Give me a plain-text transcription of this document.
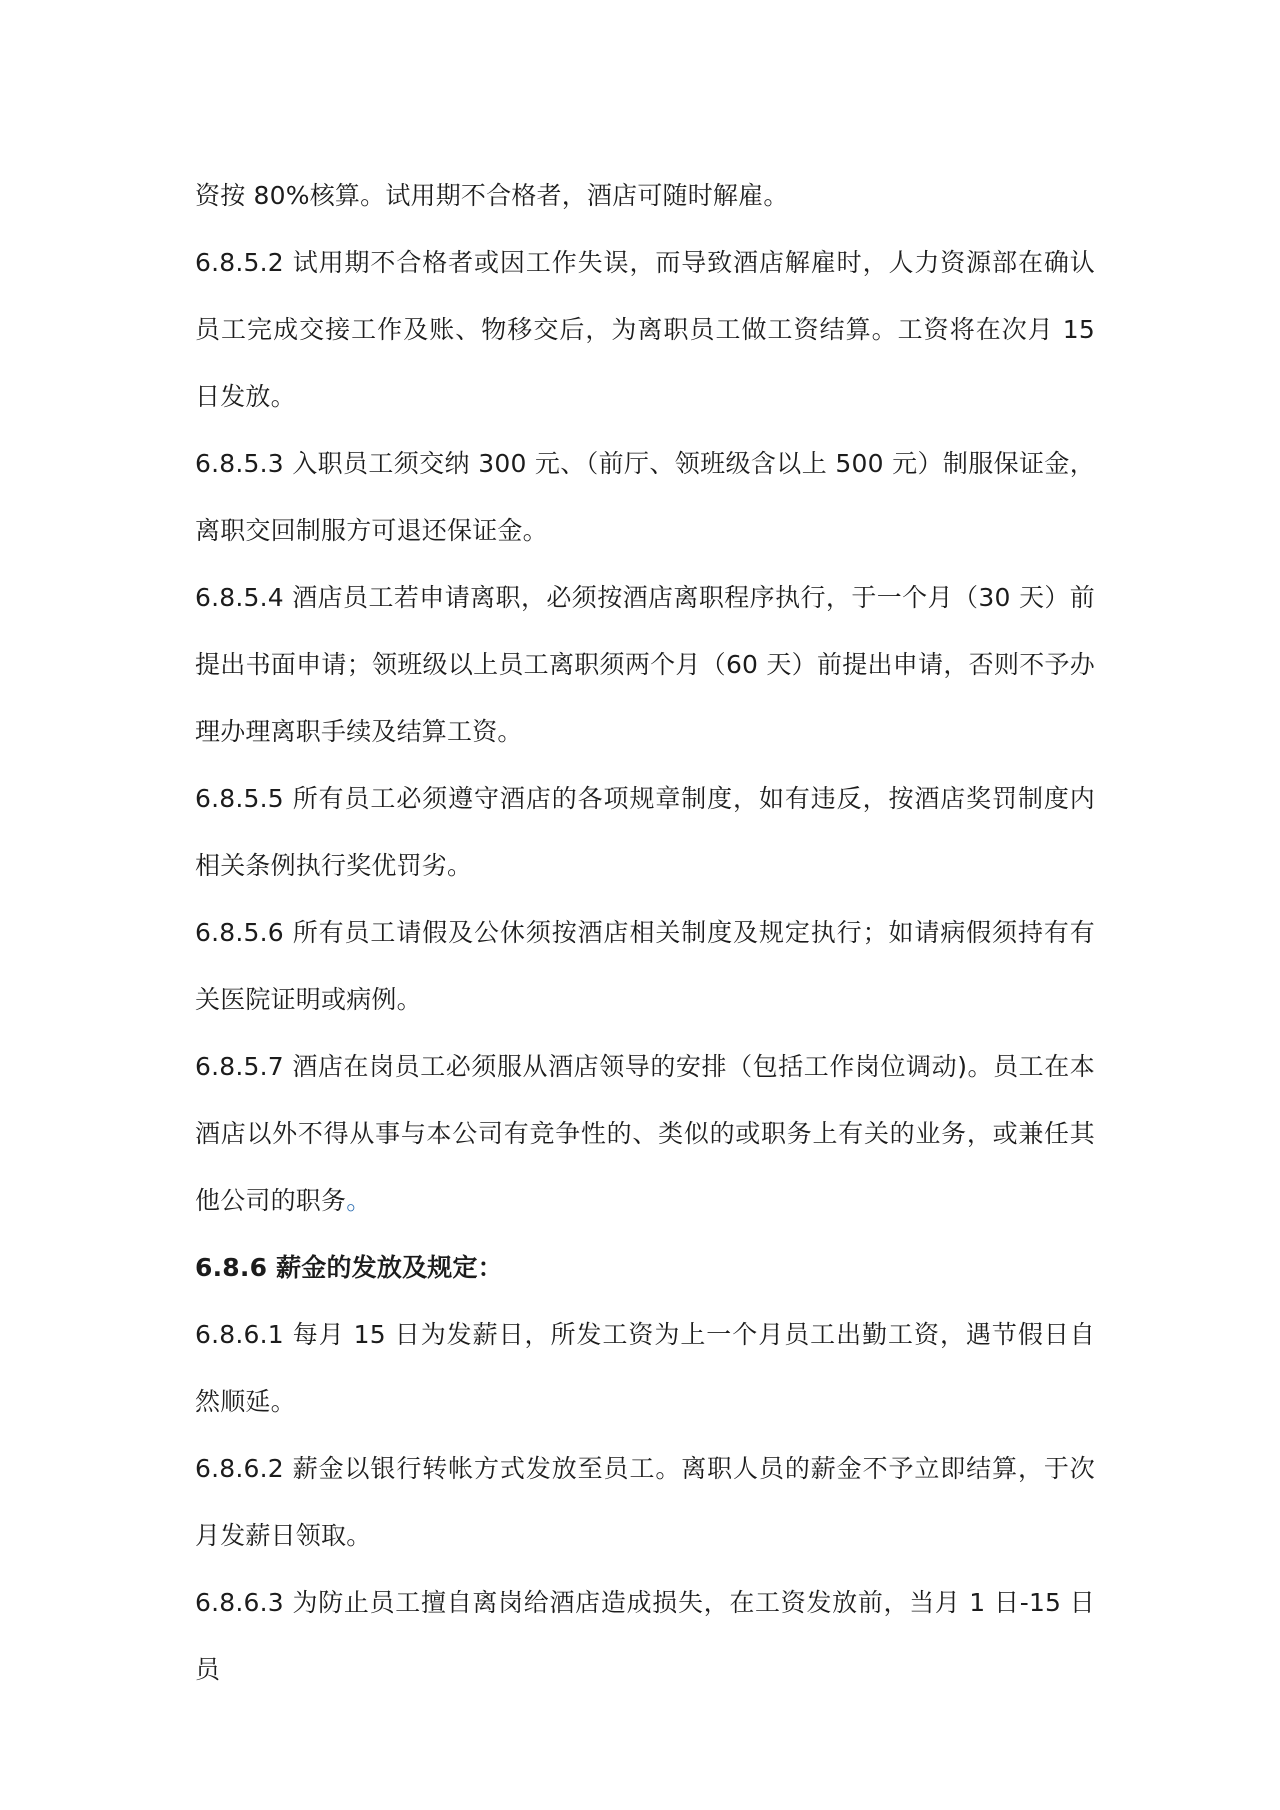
资按 80%核算。试用期不合格者，酒店可随时解雇。

6.8.5.2 试用期不合格者或因工作失误，而导致酒店解雇时，人力资源部在确认员工完成交接工作及账、物移交后，为离职员工做工资结算。工资将在次月 15 日发放。

6.8.5.3 入职员工须交纳 300 元、（前厅、领班级含以上 500 元）制服保证金，离职交回制服方可退还保证金。

6.8.5.4 酒店员工若申请离职，必须按酒店离职程序执行，于一个月（30 天）前提出书面申请；领班级以上员工离职须两个月（60 天）前提出申请，否则不予办理办理离职手续及结算工资。

6.8.5.5 所有员工必须遵守酒店的各项规章制度，如有违反，按酒店奖罚制度内相关条例执行奖优罚劣。

6.8.5.6 所有员工请假及公休须按酒店相关制度及规定执行；如请病假须持有有关医院证明或病例。

6.8.5.7 酒店在岗员工必须服从酒店领导的安排（包括工作岗位调动)。员工在本酒店以外不得从事与本公司有竞争性的、类似的或职务上有关的业务，或兼任其他公司的职务。

6.8.6 薪金的发放及规定：

6.8.6.1 每月 15 日为发薪日，所发工资为上一个月员工出勤工资，遇节假日自然顺延。

6.8.6.2 薪金以银行转帐方式发放至员工。离职人员的薪金不予立即结算，于次月发薪日领取。

6.8.6.3 为防止员工擅自离岗给酒店造成损失，在工资发放前，当月 1 日-15 日员
